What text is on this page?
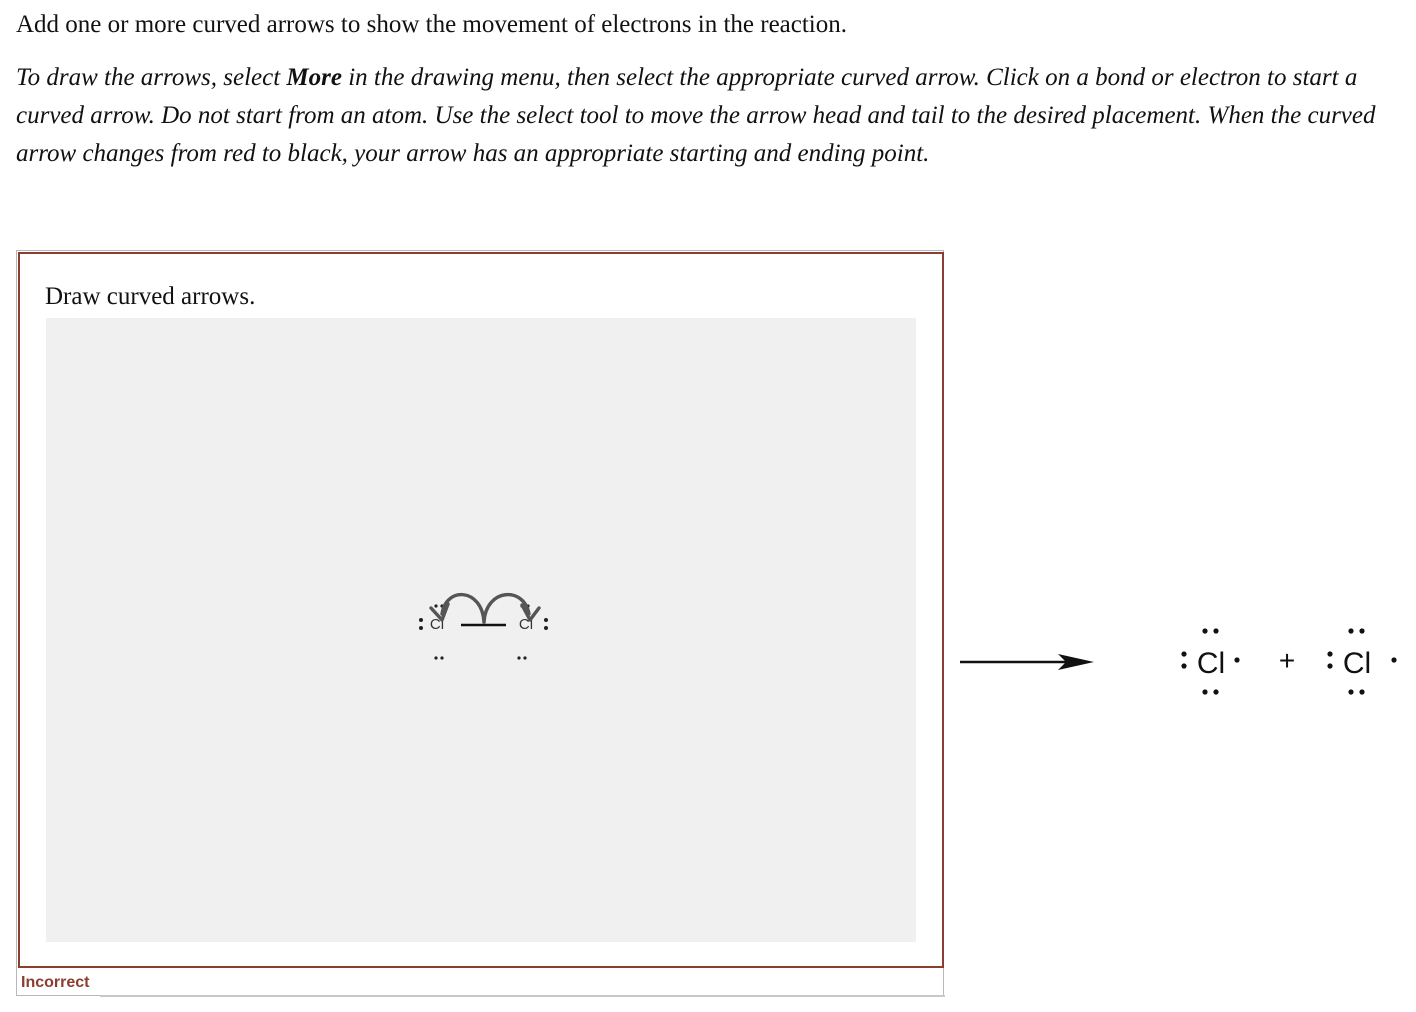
Add one or more curved arrows to show the movement of electrons in the reaction.
To draw the arrows, select More in the drawing menu, then select the appropriate curved arrow. Click on a bond or electron to start a curved arrow. Do not start from an atom. Use the select tool to move the arrow head and tail to the desired placement. When the curved arrow changes from red to black, your arrow has an appropriate starting and ending point.
Draw curved arrows.
Cl	Cl
Incorrect
Cl + Cl
